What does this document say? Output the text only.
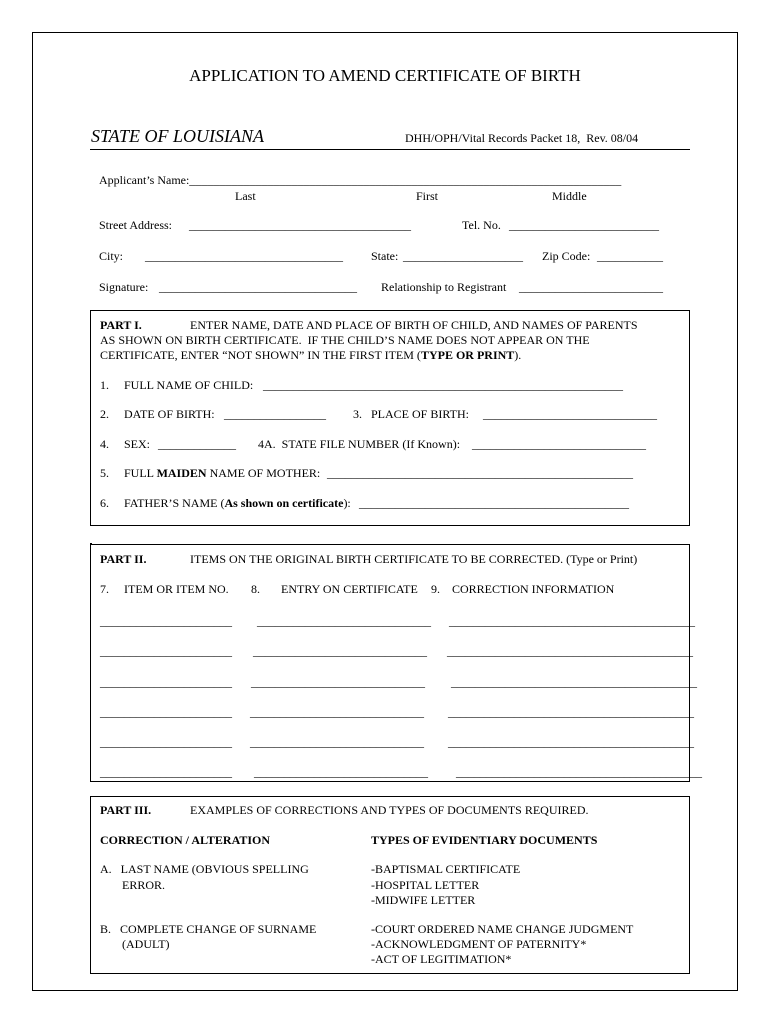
APPLICATION TO AMEND CERTIFICATE OF BIRTH
STATE OF LOUISIANA	DHH/OPH/Vital Records Packet 18,  Rev. 08/04
Applicant’s Name:________________________________________________________________________
Last	First	Middle
Street Address: _____________________________________	Tel. No. _________________________
City: _________________________________ State: ____________________ Zip Code: ___________
Signature: _________________________________ Relationship to Registrant ________________________
PART I.	ENTER NAME, DATE AND PLACE OF BIRTH OF CHILD, AND NAMES OF PARENTS
AS SHOWN ON BIRTH CERTIFICATE.  IF THE CHILD’S NAME DOES NOT APPEAR ON THE
CERTIFICATE, ENTER “NOT SHOWN” IN THE FIRST ITEM (TYPE OR PRINT).
1.     FULL NAME OF CHILD: ____________________________________________________________
2.     DATE OF BIRTH: _________________ 3.   PLACE OF BIRTH: _____________________________
4.     SEX: _____________ 4A.  STATE FILE NUMBER (If Known): _____________________________
5.     FULL MAIDEN NAME OF MOTHER: ___________________________________________________
6.     FATHER’S NAME (As shown on certificate): _____________________________________________
PART II.	ITEMS ON THE ORIGINAL BIRTH CERTIFICATE TO BE CORRECTED. (Type or Print)
7.     ITEM OR ITEM NO. 8.       ENTRY ON CERTIFICATE 9.    CORRECTION INFORMATION
______________________ _____________________________ _________________________________________
______________________ _____________________________ _________________________________________
______________________ _____________________________ _________________________________________
______________________ _____________________________ _________________________________________
______________________ _____________________________ _________________________________________
______________________ _____________________________ _________________________________________
PART III.	EXAMPLES OF CORRECTIONS AND TYPES OF DOCUMENTS REQUIRED.
CORRECTION / ALTERATION	TYPES OF EVIDENTIARY DOCUMENTS
A.   LAST NAME (OBVIOUS SPELLING
ERROR.
-BAPTISMAL CERTIFICATE
-HOSPITAL LETTER
-MIDWIFE LETTER
B.   COMPLETE CHANGE OF SURNAME
(ADULT)
-COURT ORDERED NAME CHANGE JUDGMENT
-ACKNOWLEDGMENT OF PATERNITY*
-ACT OF LEGITIMATION*
